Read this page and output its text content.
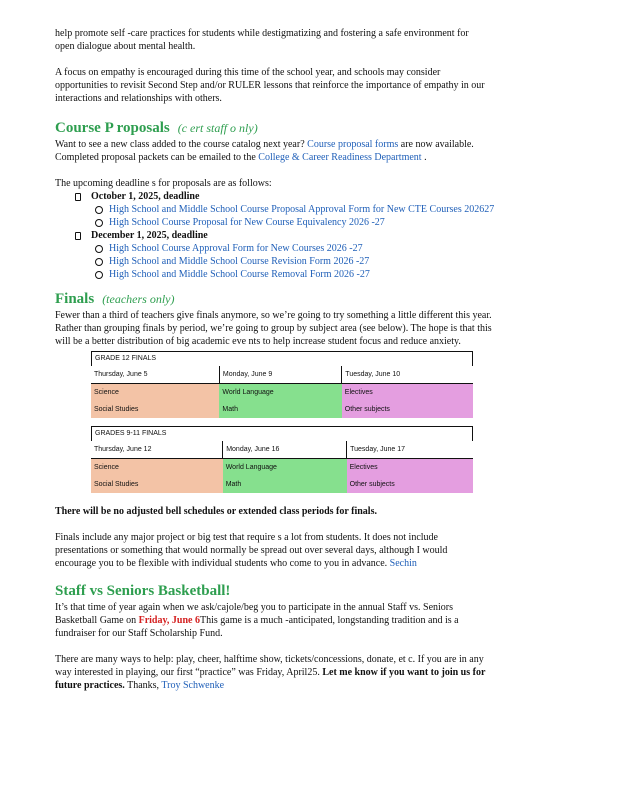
help promote self -care practices for students while destigmatizing and fostering a safe environment for

open dialogue about mental health.

A focus on empathy is encouraged during this time of the school year, and schools may consider

opportunities to revisit Second Step and/or RULER lessons that reinforce the importance of empathy in our

interactions and relationships with others.

Course P roposals (c ert staff o nly)

Want to see a new class added to the course catalog next year? Course proposal forms are now available.

Completed proposal packets can be emailed to the College & Career Readiness Department .

The upcoming deadline s for proposals are as follows:

October 1, 2025, deadline
High School and Middle School Course Proposal Approval Form for New CTE Courses 202627
High School Course Proposal for New Course Equivalency 2026 -27
December 1, 2025, deadline
High School Course Approval Form for New Courses 2026 -27
High School and Middle School Course Revision Form 2026 -27
High School and Middle School Course Removal Form 2026 -27
Finals (teachers only)

Fewer than a third of teachers give finals anymore, so we’re going to try something a little different this year.

Rather than grouping finals by period, we’re going to group by subject area (see below). The hope is that this

will be a better distribution of big academic eve nts to help increase student focus and reduce anxiety.

GRADE 12 FINALS
Thursday, June 5	Monday, June 9	Tuesday, June 10
Science	World Language	Electives
Social Studies	Math	Other subjects
GRADES 9-11 FINALS
Thursday, June 12	Monday, June 16	Tuesday, June 17
Science	World Language	Electives
Social Studies	Math	Other subjects

There will be no adjusted bell schedules or extended class periods for finals.

Finals include any major project or big test that require s a lot from students. It does not include

presentations or something that would normally be spread out over several days, although I would

encourage you to be flexible with individual students who come to you in advance. Sechin

Staff vs Seniors Basketball!

It’s that time of year again when we ask/cajole/beg you to participate in the annual Staff vs. Seniors

Basketball Game on Friday, June 6This game is a much -anticipated, longstanding tradition and is a

fundraiser for our Staff Scholarship Fund.

There are many ways to help: play, cheer, halftime show, tickets/concessions, donate, et c. If you are in any

way interested in playing, our first “practice” was Friday, April25. Let me know if you want to join us for

future practices. Thanks, Troy Schwenke
